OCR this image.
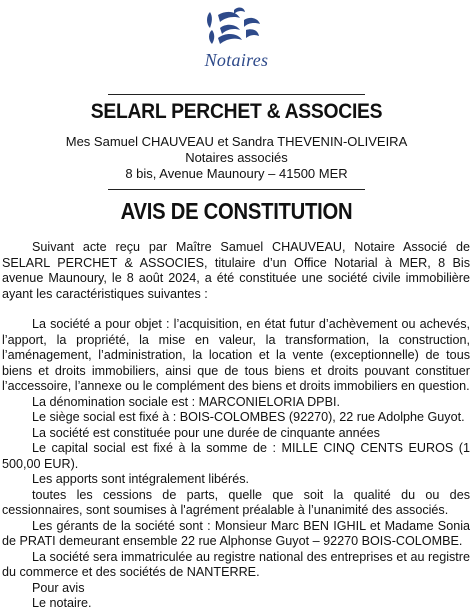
Notaires
SELARL PERCHET & ASSOCIES
Mes Samuel CHAUVEAU et Sandra THEVENIN-OLIVEIRA
Notaires associés
8 bis, Avenue Maunoury – 41500 MER
AVIS DE CONSTITUTION

Suivant acte reçu par Maître Samuel CHAUVEAU, Notaire Associé de SELARL PERCHET & ASSOCIES, titulaire d’un Office Notarial à MER, 8 Bis avenue Maunoury, le 8 août 2024, a été constituée une société civile immobilière ayant les caractéristiques suivantes :

La société a pour objet : l’acquisition, en état futur d’achèvement ou achevés, l’apport, la propriété, la mise en valeur, la transformation, la construction, l’aménagement, l’administration, la location et la vente (exceptionnelle) de tous biens et droits immobiliers, ainsi que de tous biens et droits pouvant constituer l’accessoire, l’annexe ou le complément des biens et droits immobiliers en question.

La dénomination sociale est : MARCONIELORIA DPBI.

Le siège social est fixé à : BOIS-COLOMBES (92270), 22 rue Adolphe Guyot.

La société est constituée pour une durée de cinquante années

Le capital social est fixé à la somme de : MILLE CINQ CENTS EUROS (1 500,00 EUR).

Les apports sont intégralement libérés.

toutes les cessions de parts, quelle que soit la qualité du ou des cessionnaires, sont soumises à l'agrément préalable à l’unanimité des associés.

Les gérants de la société sont : Monsieur Marc BEN IGHIL et Madame Sonia de PRATI demeurant ensemble 22 rue Alphonse Guyot – 92270 BOIS-COLOMBE.

La société sera immatriculée au registre national des entreprises et au registre du commerce et des sociétés de NANTERRE.

Pour avis

Le notaire.
